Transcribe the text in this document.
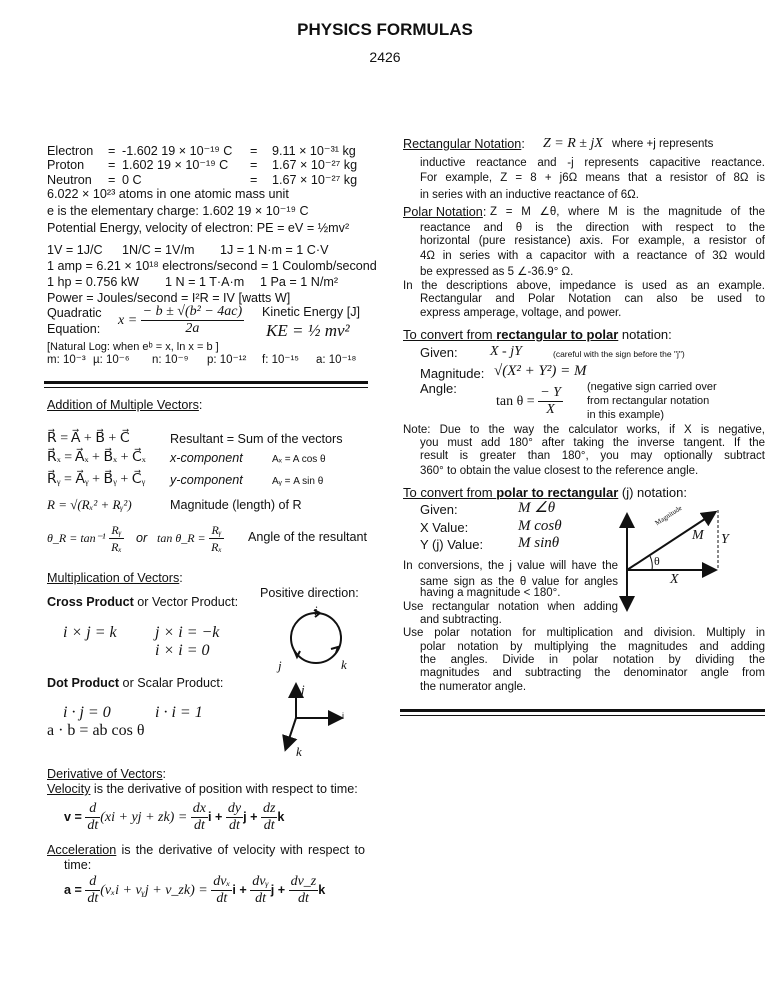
PHYSICS FORMULAS
2426
Electron = -1.602 19 × 10⁻¹⁹ C = 9.11 × 10⁻³¹ kg
Proton = 1.602 19 × 10⁻¹⁹ C = 1.67 × 10⁻²⁷ kg
Neutron = 0 C	= 1.67 × 10⁻²⁷ kg
6.022 × 10²³ atoms in one atomic mass unit
e is the elementary charge: 1.602 19 × 10⁻¹⁹ C
Potential Energy, velocity of electron: PE = eV = ½mv²
1V = 1J/C 1N/C = 1V/m 1J = 1 N·m = 1 C·V
1 amp = 6.21 × 10¹⁸ electrons/second = 1 Coulomb/second
1 hp = 0.756 kW 1 N = 1 T·A·m 1 Pa = 1 N/m²
Power = Joules/second = I²R = IV [watts W]
Quadratic
Equation:
$x = \frac{\text{− b ± √(b² − 4ac)}}{2a}$ Kinetic Energy [J]
KE = ½ mv²
[Natural Log: when eᵇ = x, ln x = b ]
m: 10⁻³ µ: 10⁻⁶ n: 10⁻⁹ p: 10⁻¹² f: 10⁻¹⁵ a: 10⁻¹⁸
Addition of Multiple Vectors:
R⃗ = A⃗ + B⃗ + C⃗	Resultant = Sum of the vectors
R⃗ₓ = A⃗ₓ + B⃗ₓ + C⃗ₓ x-component	Aₓ = A cos θ
R⃗ᵧ = A⃗ᵧ + B⃗ᵧ + C⃗ᵧ y-component	Aᵧ = A sin θ
R = √(Rₓ² + Rᵧ²)	Magnitude (length) of R
θ_R = $\tan^{-1} \frac{\text{Rᵧ}}{\text{Rₓ}}$ or tan θ_R = $\frac{\text{Rᵧ}}{\text{Rₓ}}$ Angle of the resultant
Multiplication of Vectors:
Positive direction:
Cross Product or Vector Product:
i × j = k j × i = −k
i × i = 0
Dot Product or Scalar Product:
i · j = 0	i · i = 1
a · b = ab cos θ
i
j	k
j
i
k
Derivative of Vectors:
Velocity is the derivative of position with respect to time:
$v = \frac{d}{dt} (xi$ + yj + $zk) = \frac{dx}{dt}$ $i + \frac{dy}{dt}$ $j + \frac{dz}{dt}$ k
Acceleration is the derivative of velocity with respect to
time:
$a = \frac{d}{dt} (v_xi$ + vᵧj + v_zk) = $\frac{\text{dvₓ}}{dt}$ $i + \frac{\text{dvᵧ}}{dt}$ $j + \frac{dv\_z}{dt}$ k
Rectangular Notation: Z = R ± jX where +j represents
inductive reactance and -j represents capacitive reactance.
For example, Z = 8 + j6Ω means that a resistor of 8Ω is
in series with an inductive reactance of 6Ω.
Polar Notation: Z = M ∠θ, where M is the magnitude of the
reactance and θ is the direction with respect to the
horizontal (pure resistance) axis. For example, a resistor of
4Ω in series with a capacitor with a reactance of 3Ω would
be expressed as 5 ∠-36.9° Ω.
In the descriptions above, impedance is used as an example.
Rectangular and Polar Notation can also be used to
express amperage, voltage, and power.
To convert from rectangular to polar notation:
Given: X - jY	(careful with the sign before the "j")
Magnitude: √(X² + Y²) = M
Angle:
$\tan \theta = \frac{- Y}{X}$ (negative sign carried over
from rectangular notation
in this example)
Note: Due to the way the calculator works, if X is negative,
you must add 180° after taking the inverse tangent. If the
result is greater than 180°, you may optionally subtract
360° to obtain the value closest to the reference angle.
To convert from polar to rectangular (j) notation:
Given:	M ∠θ
X Value:	M cosθ
Y (j) Value: M sinθ
Magnitude
M Y
X
θ
In conversions, the j value will have the
same sign as the θ value for angles
having a magnitude < 180°.
Use rectangular notation when adding
and subtracting.
Use polar notation for multiplication and division. Multiply in
polar notation by multiplying the magnitudes and adding
the angles. Divide in polar notation by dividing the
magnitudes and subtracting the denominator angle from
the numerator angle.
